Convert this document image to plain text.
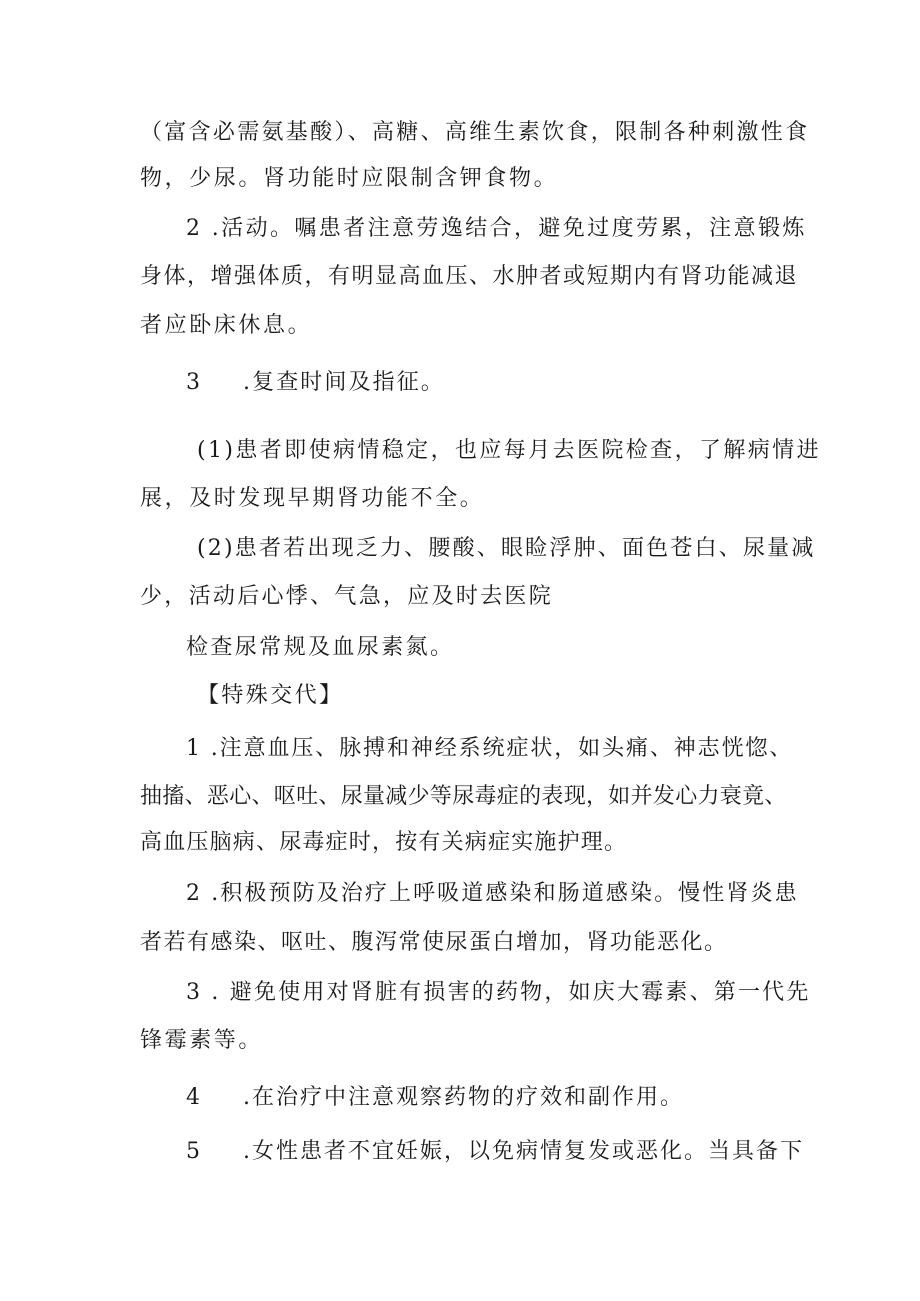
（富含必需氨基酸）、高糖、高维生素饮食，限制各种刺激性食
物，少尿。肾功能时应限制含钾食物。
2 .活动。嘱患者注意劳逸结合，避免过度劳累，注意锻炼
身体，增强体质，有明显高血压、水肿者或短期内有肾功能减退
者应卧床休息。
3 .复查时间及指征。
(1)患者即使病情稳定，也应每月去医院检查，了解病情进
展，及时发现早期肾功能不全。
(2)患者若出现乏力、腰酸、眼睑浮肿、面色苍白、尿量减
少，活动后心悸、气急，应及时去医院
检查尿常规及血尿素氮。
【特殊交代】
1 .注意血压、脉搏和神经系统症状，如头痛、神志恍惚、
抽搐、恶心、呕吐、尿量减少等尿毒症的表现，如并发心力衰竟、
高血压脑病、尿毒症时，按有关病症实施护理。
2 .积极预防及治疗上呼吸道感染和肠道感染。慢性肾炎患
者若有感染、呕吐、腹泻常使尿蛋白增加，肾功能恶化。
3 . 避免使用对肾脏有损害的药物，如庆大霉素、第一代先
锋霉素等。
4 .在治疗中注意观察药物的疗效和副作用。
5 .女性患者不宜妊娠，以免病情复发或恶化。当具备下
